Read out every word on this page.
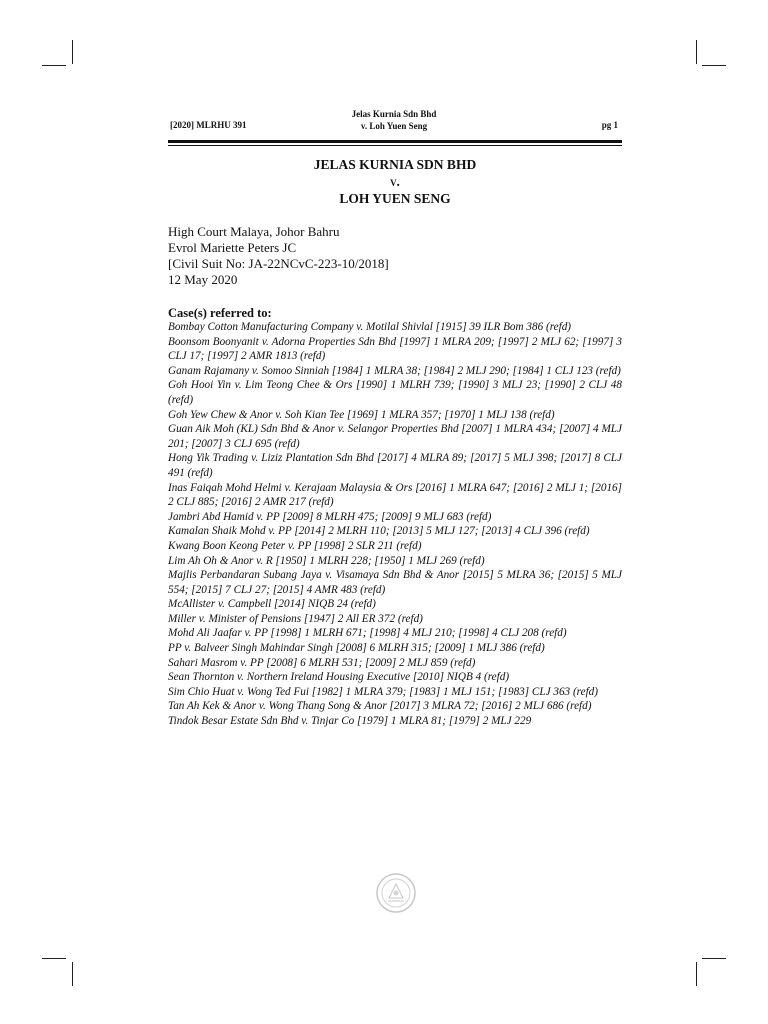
[2020] MLRHU 391
Jelas Kurnia Sdn Bhd
v. Loh Yuen Seng	pg 1
JELAS KURNIA SDN BHD
v.
LOH YUEN SENG
High Court Malaya, Johor Bahru
Evrol Mariette Peters JC
[Civil Suit No: JA-22NCvC-223-10/2018]
12 May 2020
Case(s) referred to:

Bombay Cotton Manufacturing Company v. Motilal Shivlal [1915] 39 ILR Bom 386 (refd)

Boonsom Boonyanit v. Adorna Properties Sdn Bhd [1997] 1 MLRA 209; [1997] 2 MLJ 62; [1997] 3 CLJ 17; [1997] 2 AMR 1813 (refd)

Ganam Rajamany v. Somoo Sinniah [1984] 1 MLRA 38; [1984] 2 MLJ 290; [1984] 1 CLJ 123 (refd)

Goh Hooi Yin v. Lim Teong Chee & Ors [1990] 1 MLRH 739; [1990] 3 MLJ 23; [1990] 2 CLJ 48 (refd)

Goh Yew Chew & Anor v. Soh Kian Tee [1969] 1 MLRA 357; [1970] 1 MLJ 138 (refd)

Guan Aik Moh (KL) Sdn Bhd & Anor v. Selangor Properties Bhd [2007] 1 MLRA 434; [2007] 4 MLJ 201; [2007] 3 CLJ 695 (refd)

Hong Yik Trading v. Liziz Plantation Sdn Bhd [2017] 4 MLRA 89; [2017] 5 MLJ 398; [2017] 8 CLJ 491 (refd)

Inas Faiqah Mohd Helmi v. Kerajaan Malaysia & Ors [2016] 1 MLRA 647; [2016] 2 MLJ 1; [2016] 2 CLJ 885; [2016] 2 AMR 217 (refd)

Jambri Abd Hamid v. PP [2009] 8 MLRH 475; [2009] 9 MLJ 683 (refd)

Kamalan Shaik Mohd v. PP [2014] 2 MLRH 110; [2013] 5 MLJ 127; [2013] 4 CLJ 396 (refd)

Kwang Boon Keong Peter v. PP [1998] 2 SLR 211 (refd)

Lim Ah Oh & Anor v. R [1950] 1 MLRH 228; [1950] 1 MLJ 269 (refd)

Majlis Perbandaran Subang Jaya v. Visamaya Sdn Bhd & Anor [2015] 5 MLRA 36; [2015] 5 MLJ 554; [2015] 7 CLJ 27; [2015] 4 AMR 483 (refd)

McAllister v. Campbell [2014] NIQB 24 (refd)

Miller v. Minister of Pensions [1947] 2 All ER 372 (refd)

Mohd Ali Jaafar v. PP [1998] 1 MLRH 671; [1998] 4 MLJ 210; [1998] 4 CLJ 208 (refd)

PP v. Balveer Singh Mahindar Singh [2008] 6 MLRH 315; [2009] 1 MLJ 386 (refd)

Sahari Masrom v. PP [2008] 6 MLRH 531; [2009] 2 MLJ 859 (refd)

Sean Thornton v. Northern Ireland Housing Executive [2010] NIQB 4 (refd)

Sim Chio Huat v. Wong Ted Fui [1982] 1 MLRA 379; [1983] 1 MLJ 151; [1983] CLJ 363 (refd)

Tan Ah Kek & Anor v. Wong Thang Song & Anor [2017] 3 MLRA 72; [2016] 2 MLJ 686 (refd)

Tindok Besar Estate Sdn Bhd v. Tinjar Co [1979] 1 MLRA 81; [1979] 2 MLJ 229
